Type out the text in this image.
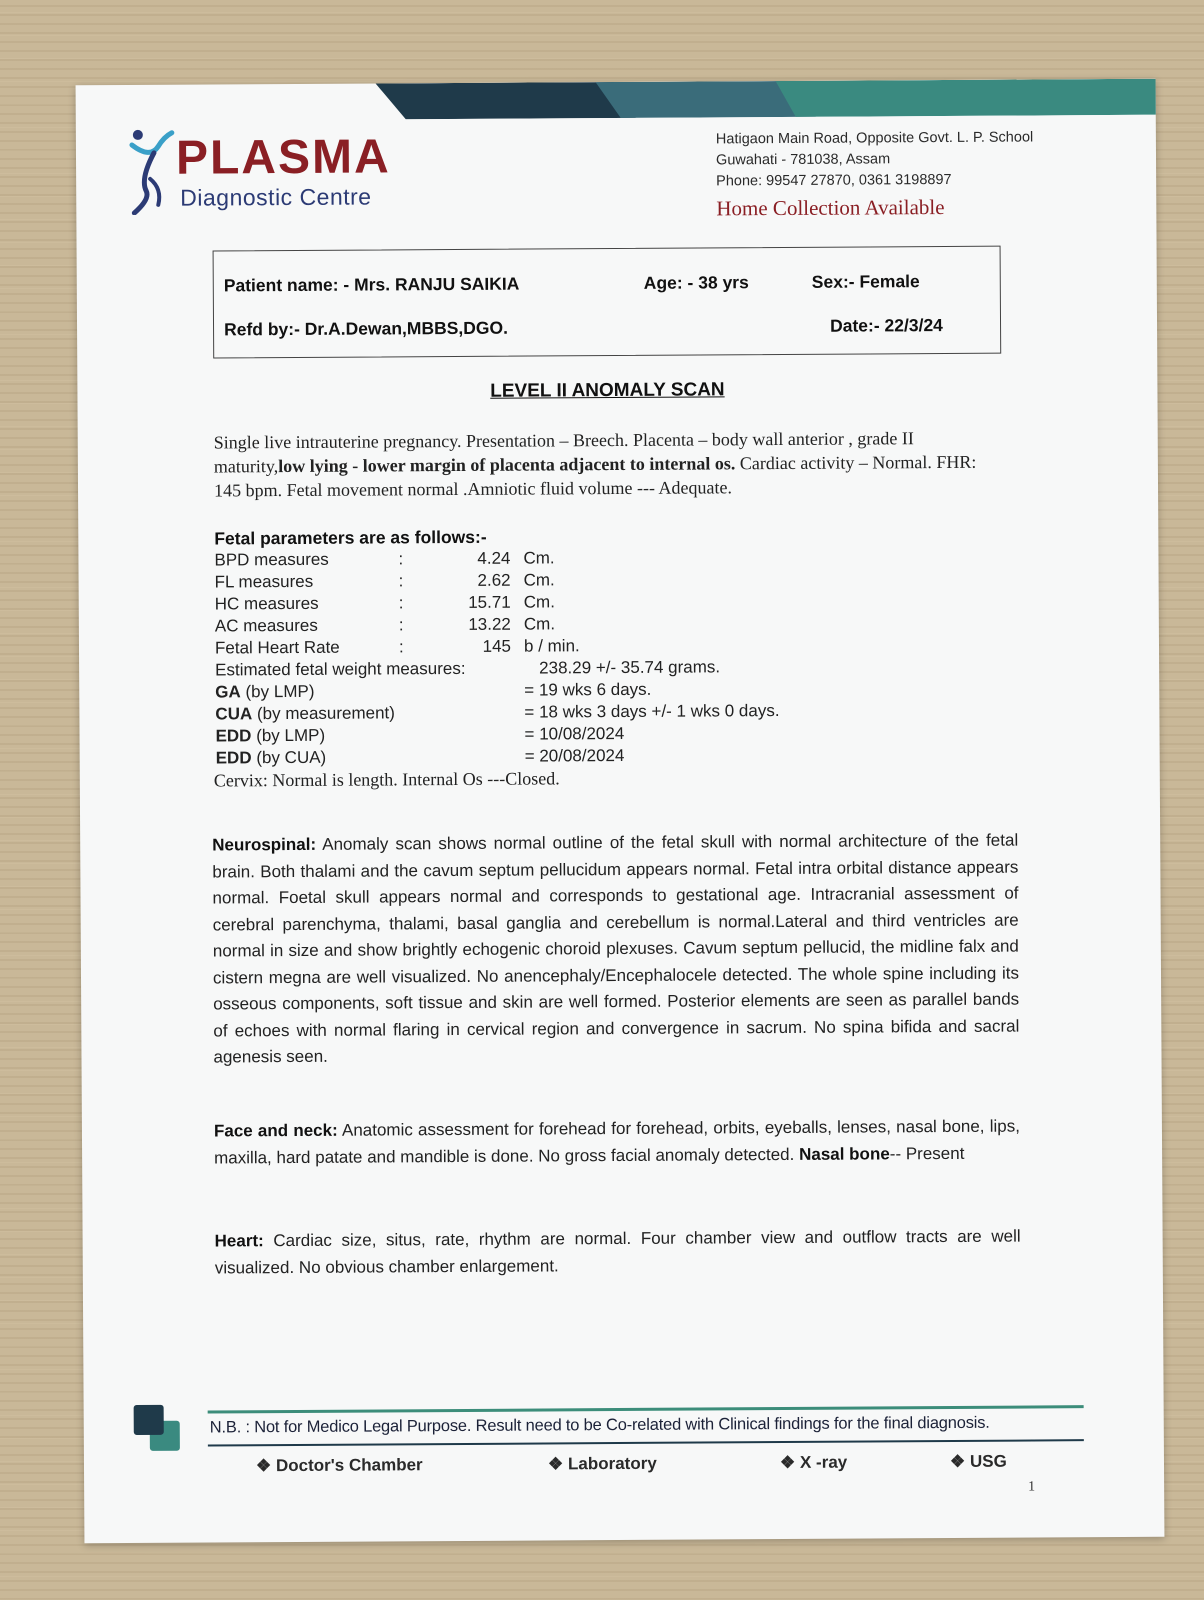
PLASMA
Diagnostic Centre
Hatigaon Main Road, Opposite Govt. L. P. School
Guwahati - 781038, Assam
Phone: 99547 27870, 0361 3198897
Home Collection Available
Patient name: - Mrs. RANJU SAIKIA	Age: - 38 yrs	Sex:- Female
Refd by:- Dr.A.Dewan,MBBS,DGO.	Date:- 22/3/24
LEVEL II ANOMALY SCAN
Single live intrauterine pregnancy. Presentation – Breech. Placenta – body wall anterior , grade II maturity,low lying - lower margin of placenta adjacent to internal os. Cardiac activity – Normal. FHR: 145 bpm. Fetal movement normal .Amniotic fluid volume --- Adequate.
Fetal parameters are as follows:-
BPD measures	:	4.24 Cm.
FL measures	:	2.62 Cm.
HC measures	:	15.71 Cm.
AC measures	:	13.22 Cm.
Fetal Heart Rate	:	145 b / min.
Estimated fetal weight measures:	238.29 +/- 35.74 grams.
GA (by LMP)	= 19 wks 6 days.
CUA (by measurement)	= 18 wks 3 days +/- 1 wks 0 days.
EDD (by LMP)	= 10/08/2024
EDD (by CUA)	= 20/08/2024
Cervix: Normal is length. Internal Os ---Closed.
Neurospinal: Anomaly scan shows normal outline of the fetal skull with normal architecture of the fetal brain. Both thalami and the cavum septum pellucidum appears normal. Fetal intra orbital distance appears normal. Foetal skull appears normal and corresponds to gestational age. Intracranial assessment of cerebral parenchyma, thalami, basal ganglia and cerebellum is normal.Lateral and third ventricles are normal in size and show brightly echogenic choroid plexuses. Cavum septum pellucid, the midline falx and cistern megna are well visualized. No anencephaly/Encephalocele detected. The whole spine including its osseous components, soft tissue and skin are well formed. Posterior elements are seen as parallel bands of echoes with normal flaring in cervical region and convergence in sacrum. No spina bifida and sacral agenesis seen.
Face and neck: Anatomic assessment for forehead for forehead, orbits, eyeballs, lenses, nasal bone, lips, maxilla, hard patate and mandible is done. No gross facial anomaly detected. Nasal bone-- Present
Heart: Cardiac size, situs, rate, rhythm are normal. Four chamber view and outflow tracts are well visualized. No obvious chamber enlargement.
N.B. : Not for Medico Legal Purpose. Result need to be Co-related with Clinical findings for the final diagnosis.
❖ Doctor's Chamber	❖ Laboratory	❖ X -ray	❖ USG
1
